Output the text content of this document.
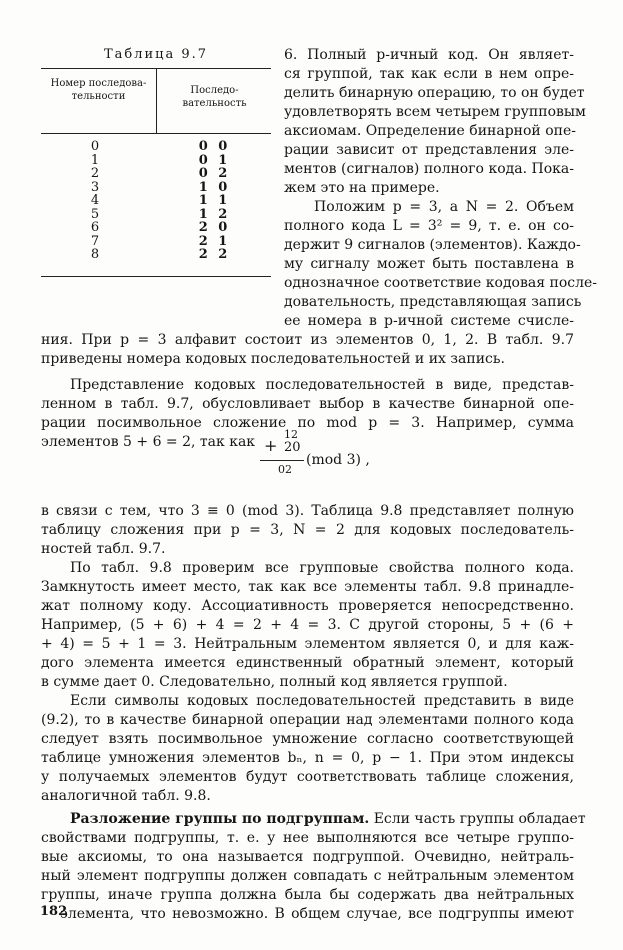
Таблица 9.7
Номер последова- тельности
Последо- вательность
0	0 0
1	0 1
2	0 2
3	1 0
4	1 1
5	1 2
6	2 0
7	2 1
8	2 2
6. Полный p-ичный код. Он являет-
ся группой, так как если в нем опре-
делить бинарную операцию, то он будет
удовлетворять всем четырем групповым
аксиомам. Определение бинарной опе-
рации зависит от представления эле-
ментов (сигналов) полного кода. Пока-
жем это на примере.
Положим p = 3, а N = 2. Объем
полного кода L = 3² = 9, т. е. он со-
держит 9 сигналов (элементов). Каждо-
му сигналу может быть поставлена в
однозначное соответствие кодовая после-
довательность, представляющая запись
ее номера в p-ичной системе счисле-
ния. При p = 3 алфавит состоит из элементов 0, 1, 2. В табл. 9.7
приведены номера кодовых последовательностей и их запись.
Представление кодовых последовательностей в виде, представ-
ленном в табл. 9.7, обусловливает выбор в качестве бинарной опе-
рации посимвольное сложение по mod p = 3. Например, сумма
элементов 5 + 6 = 2, так как	12
+ 20
02
(mod 3) ,
в связи с тем, что 3 ≡ 0 (mod 3). Таблица 9.8 представляет полную
таблицу сложения при p = 3, N = 2 для кодовых последователь-
ностей табл. 9.7.
По табл. 9.8 проверим все групповые свойства полного кода.
Замкнутость имеет место, так как все элементы табл. 9.8 принадле-
жат полному коду. Ассоциативность проверяется непосредственно.
Например, (5 + 6) + 4 = 2 + 4 = 3. С другой стороны, 5 + (6 +
+ 4) = 5 + 1 = 3. Нейтральным элементом является 0, и для каж-
дого элемента имеется единственный обратный элемент, который
в сумме дает 0. Следовательно, полный код является группой.
Если символы кодовых последовательностей представить в виде
(9.2), то в качестве бинарной операции над элементами полного кода
следует взять посимвольное умножение согласно соответствующей
таблице умножения элементов bₙ, n = 0, p − 1. При этом индексы
у получаемых элементов будут соответствовать таблице сложения,
аналогичной табл. 9.8.
Разложение группы по подгруппам. Если часть группы обладает
свойствами подгруппы, т. е. у нее выполняются все четыре группо-
вые аксиомы, то она называется подгруппой. Очевидно, нейтраль-
ный элемент подгруппы должен совпадать с нейтральным элементом
группы, иначе группа должна была бы содержать два нейтральных
элемента, что невозможно. В общем случае, все подгруппы имеют
182
